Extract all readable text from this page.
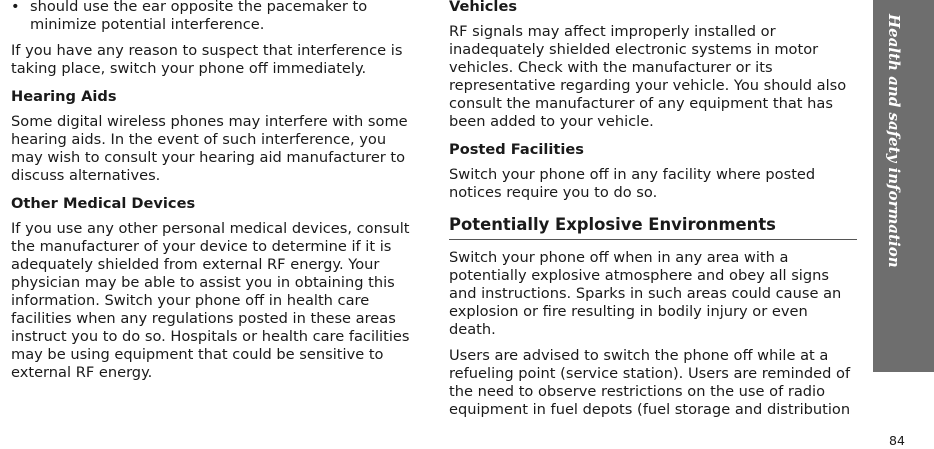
• should use the ear opposite the pacemaker to minimize potential interference.

If you have any reason to suspect that interference is taking place, switch your phone off immediately.

Hearing Aids

Some digital wireless phones may interfere with some hearing aids. In the event of such interference, you may wish to consult your hearing aid manufacturer to discuss alternatives.

Other Medical Devices

If you use any other personal medical devices, consult the manufacturer of your device to determine if it is adequately shielded from external RF energy. Your physician may be able to assist you in obtaining this information. Switch your phone off in health care facilities when any regulations posted in these areas instruct you to do so. Hospitals or health care facilities may be using equipment that could be sensitive to external RF energy.

Vehicles

RF signals may affect improperly installed or inadequately shielded electronic systems in motor vehicles. Check with the manufacturer or its representative regarding your vehicle. You should also consult the manufacturer of any equipment that has been added to your vehicle.

Posted Facilities

Switch your phone off in any facility where posted notices require you to do so.

Potentially Explosive Environments

Switch your phone off when in any area with a potentially explosive atmosphere and obey all signs and instructions. Sparks in such areas could cause an explosion or fire resulting in bodily injury or even death.

Users are advised to switch the phone off while at a refueling point (service station). Users are reminded of the need to observe restrictions on the use of radio equipment in fuel depots (fuel storage and distribution

Health and safety information
84
